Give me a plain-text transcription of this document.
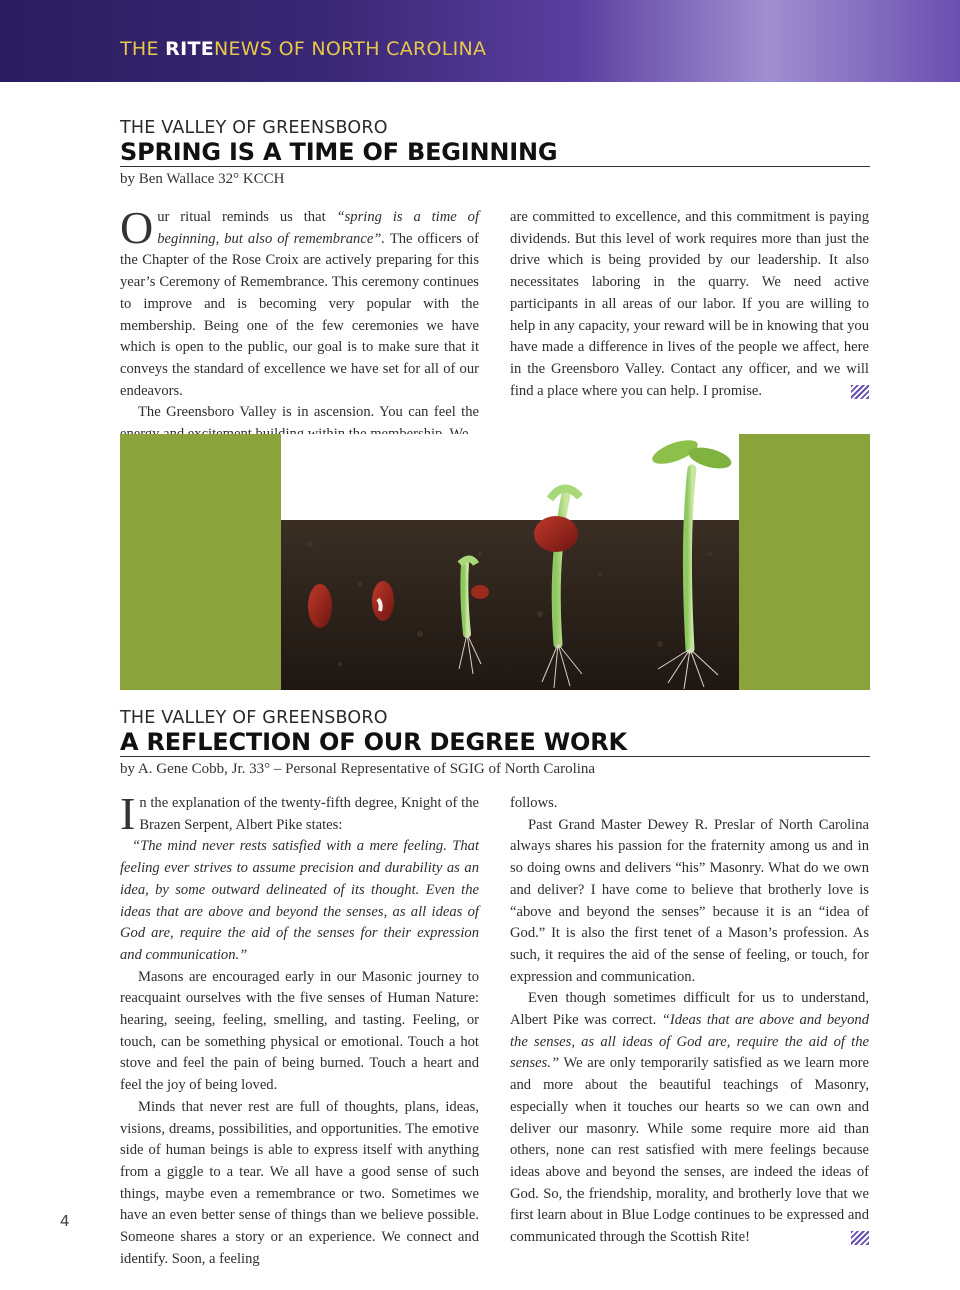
THE RITENEWS OF NORTH CAROLINA

THE VALLEY OF GREENSBORO

SPRING IS A TIME OF BEGINNING

by Ben Wallace 32° KCCH

Our ritual reminds us that “spring is a time of beginning, but also of remembrance”. The officers of the Chapter of the Rose Croix are actively preparing for this year’s Ceremony of Remembrance. This ceremony continues to improve and is becoming very popular with the membership. Being one of the few ceremonies we have which is open to the public, our goal is to make sure that it conveys the standard of excellence we have set for all of our endeavors.

The Greensboro Valley is in ascension. You can feel the

are committed to excellence, and this commitment is paying dividends. But this level of work requires more than just the drive which is being provided by our leadership. It also necessitates laboring in the quarry. We need active participants in all areas of our labor. If you are willing to help in any capacity, your reward will be in knowing that you have made a difference in lives of the people we affect, here in the Greensboro Valley. Contact any officer, and we will find a place where you can help. I promise.

THE VALLEY OF GREENSBORO

A REFLECTION OF OUR DEGREE WORK

by A. Gene Cobb, Jr. 33° – Personal Representative of SGIG of North Carolina

In the explanation of the twenty-fifth degree, Knight of the Brazen Serpent, Albert Pike states:

“The mind never rests satisfied with a mere feeling. That feeling ever strives to assume precision and durability as an idea, by some outward delineated of its thought. Even the ideas that are above and beyond the senses, as all ideas of God are, require the aid of the senses for their expression and communication.”

Masons are encouraged early in our Masonic journey to reacquaint ourselves with the five senses of Human Nature: hearing, seeing, feeling, smelling, and tasting. Feeling, or touch, can be something physical or emotional. Touch a hot stove and feel the pain of being burned. Touch a heart and feel the joy of being loved.

Minds that never rest are full of thoughts, plans, ideas, visions, dreams, possibilities, and opportunities. The emotive side of human beings is able to express itself with anything from a giggle to a tear. We all have a good sense of such things, maybe even a remembrance or two. Sometimes we have an even better sense of things than we believe possible. Someone shares a story or an experience. We connect and identify. Soon, a feeling

follows.

Past Grand Master Dewey R. Preslar of North Carolina always shares his passion for the fraternity among us and in so doing owns and delivers “his” Masonry. What do we own and deliver? I have come to believe that brotherly love is “above and beyond the senses” because it is an “idea of God.” It is also the first tenet of a Mason’s profession. As such, it requires the aid of the sense of feeling, or touch, for expression and communication.

Even though sometimes difficult for us to understand, Albert Pike was correct. “Ideas that are above and beyond the senses, as all ideas of God are, require the aid of the senses.” We are only temporarily satisfied as we learn more and more about the beautiful teachings of Masonry, especially when it touches our hearts so we can own and deliver our masonry. While some require more aid than others, none can rest satisfied with mere feelings because ideas above and beyond the senses, are indeed the ideas of God. So, the friendship, morality, and brotherly love that we first learn about in Blue Lodge continues to be expressed and communicated through the Scottish Rite!

4
